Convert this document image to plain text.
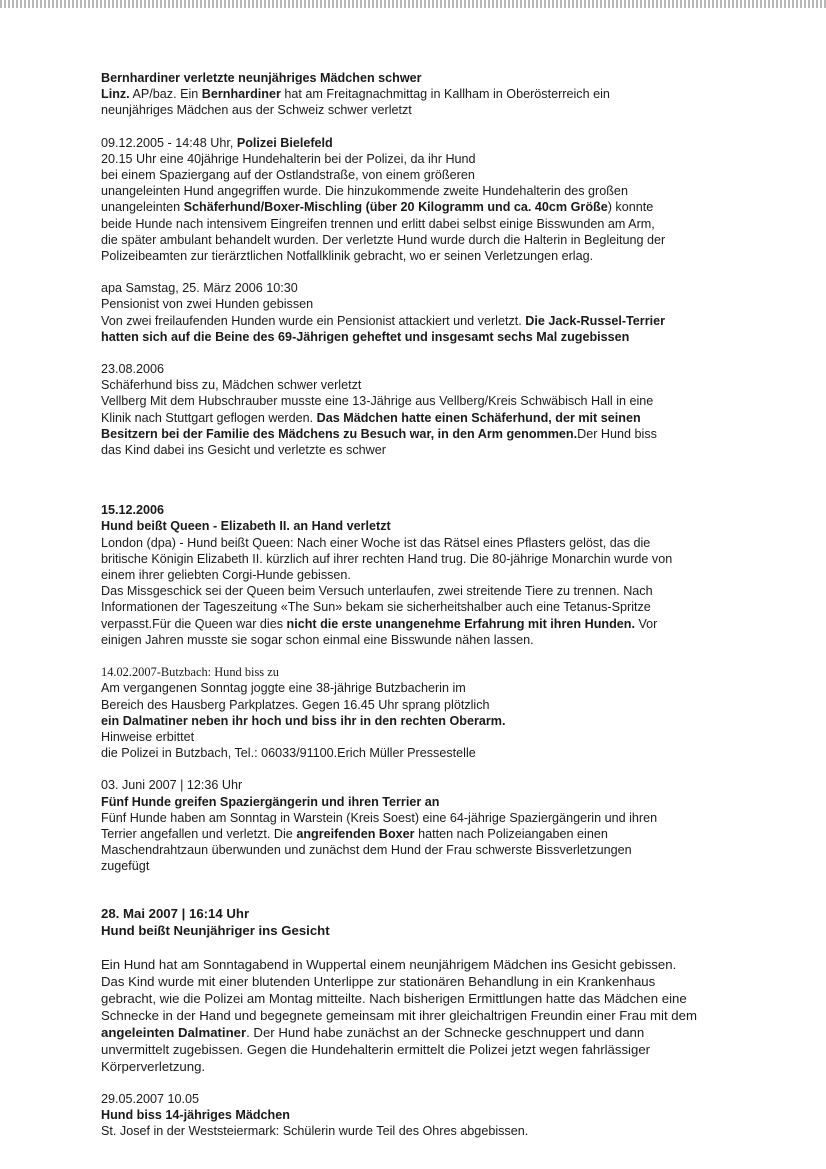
Bernhardiner verletzte neunjähriges Mädchen schwer

Linz. AP/baz. Ein Bernhardiner hat am Freitagnachmittag in Kallham in Oberösterreich ein

neunjähriges Mädchen aus der Schweiz schwer verletzt

09.12.2005 - 14:48 Uhr, Polizei Bielefeld

20.15 Uhr eine 40jährige Hundehalterin bei der Polizei, da ihr Hund

bei einem Spaziergang auf der Ostlandstraße, von einem größeren

unangeleinten Hund angegriffen wurde. Die hinzukommende zweite Hundehalterin des großen

unangeleinten Schäferhund/Boxer-Mischling (über 20 Kilogramm und ca. 40cm Größe) konnte

beide Hunde nach intensivem Eingreifen trennen und erlitt dabei selbst einige Bisswunden am Arm,

die später ambulant behandelt wurden. Der verletzte Hund wurde durch die Halterin in Begleitung der

Polizeibeamten zur tierärztlichen Notfallklinik gebracht, wo er seinen Verletzungen erlag.

apa Samstag, 25. März 2006 10:30

Pensionist von zwei Hunden gebissen

Von zwei freilaufenden Hunden wurde ein Pensionist attackiert und verletzt. Die Jack-Russel-Terrier

hatten sich auf die Beine des 69-Jährigen geheftet und insgesamt sechs Mal zugebissen

23.08.2006

Schäferhund biss zu, Mädchen schwer verletzt

Vellberg Mit dem Hubschrauber musste eine 13-Jährige aus Vellberg/Kreis Schwäbisch Hall in eine

Klinik nach Stuttgart geflogen werden. Das Mädchen hatte einen Schäferhund, der mit seinen

Besitzern bei der Familie des Mädchens zu Besuch war, in den Arm genommen.Der Hund biss

das Kind dabei ins Gesicht und verletzte es schwer

15.12.2006

Hund beißt Queen - Elizabeth II. an Hand verletzt

London (dpa) - Hund beißt Queen: Nach einer Woche ist das Rätsel eines Pflasters gelöst, das die

britische Königin Elizabeth II. kürzlich auf ihrer rechten Hand trug. Die 80-jährige Monarchin wurde von

einem ihrer geliebten Corgi-Hunde gebissen.

Das Missgeschick sei der Queen beim Versuch unterlaufen, zwei streitende Tiere zu trennen. Nach

Informationen der Tageszeitung «The Sun» bekam sie sicherheitshalber auch eine Tetanus-Spritze

verpasst.Für die Queen war dies nicht die erste unangenehme Erfahrung mit ihren Hunden. Vor

einigen Jahren musste sie sogar schon einmal eine Bisswunde nähen lassen.

14.02.2007-Butzbach: Hund biss zu

Am vergangenen Sonntag joggte eine 38-jährige Butzbacherin im

Bereich des Hausberg Parkplatzes. Gegen 16.45 Uhr sprang plötzlich

ein Dalmatiner neben ihr hoch und biss ihr in den rechten Oberarm.

Hinweise erbittet

die Polizei in Butzbach, Tel.: 06033/91100.Erich Müller Pressestelle

03. Juni 2007 | 12:36 Uhr

Fünf Hunde greifen Spaziergängerin und ihren Terrier an

Fünf Hunde haben am Sonntag in Warstein (Kreis Soest) eine 64-jährige Spaziergängerin und ihren

Terrier angefallen und verletzt. Die angreifenden Boxer hatten nach Polizeiangaben einen

Maschendrahtzaun überwunden und zunächst dem Hund der Frau schwerste Bissverletzungen

zugefügt

28. Mai 2007 | 16:14 Uhr

Hund beißt Neunjähriger ins Gesicht

Ein Hund hat am Sonntagabend in Wuppertal einem neunjährigem Mädchen ins Gesicht gebissen.

Das Kind wurde mit einer blutenden Unterlippe zur stationären Behandlung in ein Krankenhaus

gebracht, wie die Polizei am Montag mitteilte. Nach bisherigen Ermittlungen hatte das Mädchen eine

Schnecke in der Hand und begegnete gemeinsam mit ihrer gleichaltrigen Freundin einer Frau mit dem

angeleinten Dalmatiner. Der Hund habe zunächst an der Schnecke geschnuppert und dann

unvermittelt zugebissen. Gegen die Hundehalterin ermittelt die Polizei jetzt wegen fahrlässiger

Körperverletzung.

29.05.2007 10.05

Hund biss 14-jähriges Mädchen

St. Josef in der Weststeiermark: Schülerin wurde Teil des Ohres abgebissen.
